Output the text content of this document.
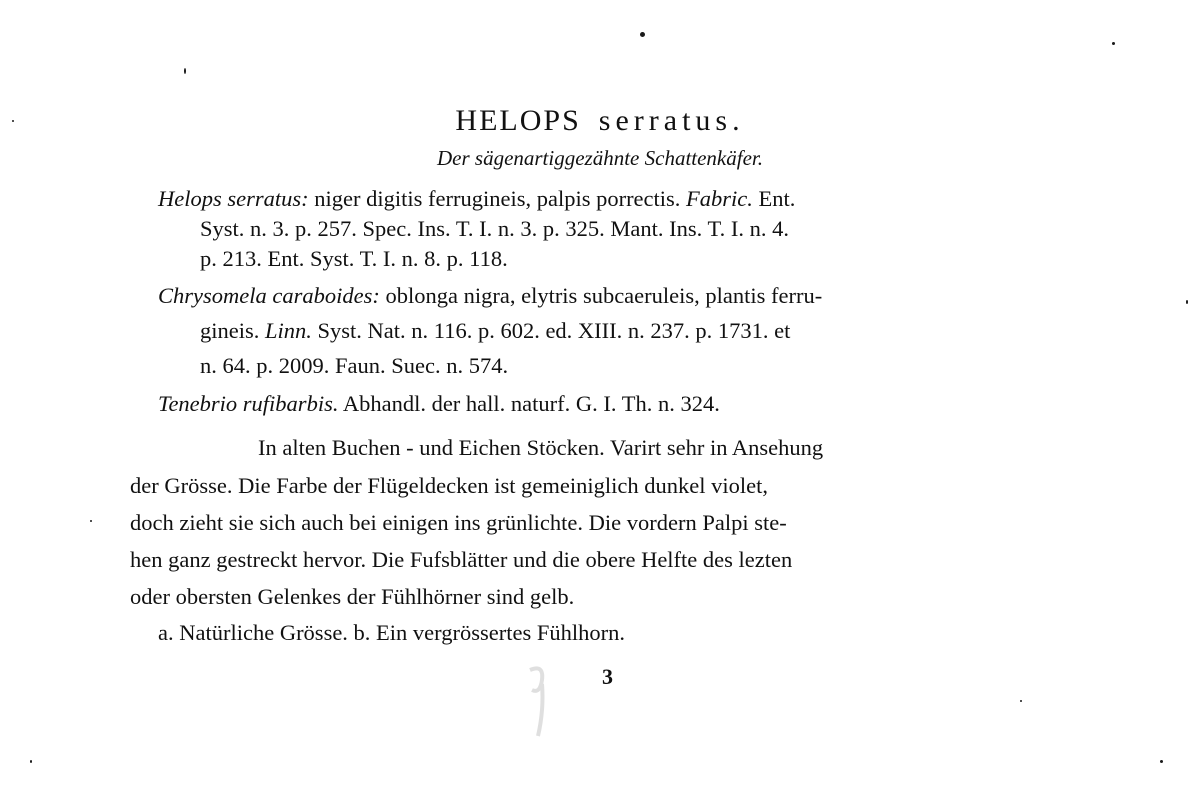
HELOPS serratus.
Der sägenartiggezähnte Schattenkäfer.
Helops serratus: niger digitis ferrugineis, palpis porrectis. Fabric. Ent.
Syst. n. 3. p. 257. Spec. Ins. T. I. n. 3. p. 325. Mant. Ins. T. I. n. 4.
p. 213. Ent. Syst. T. I. n. 8. p. 118.
Chrysomela caraboides: oblonga nigra, elytris subcaeruleis, plantis ferru-
gineis. Linn. Syst. Nat. n. 116. p. 602. ed. XIII. n. 237. p. 1731. et
n. 64. p. 2009. Faun. Suec. n. 574.
Tenebrio rufibarbis. Abhandl. der hall. naturf. G. I. Th. n. 324.
In alten Buchen - und Eichen Stöcken. Varirt sehr in Ansehung
der Grösse. Die Farbe der Flügeldecken ist gemeiniglich dunkel violet,
doch zieht sie sich auch bei einigen ins grünlichte. Die vordern Palpi ste-
hen ganz gestreckt hervor. Die Fufsblätter und die obere Helfte des lezten
oder obersten Gelenkes der Fühlhörner sind gelb.
a. Natürliche Grösse. b. Ein vergrössertes Fühlhorn.
3
